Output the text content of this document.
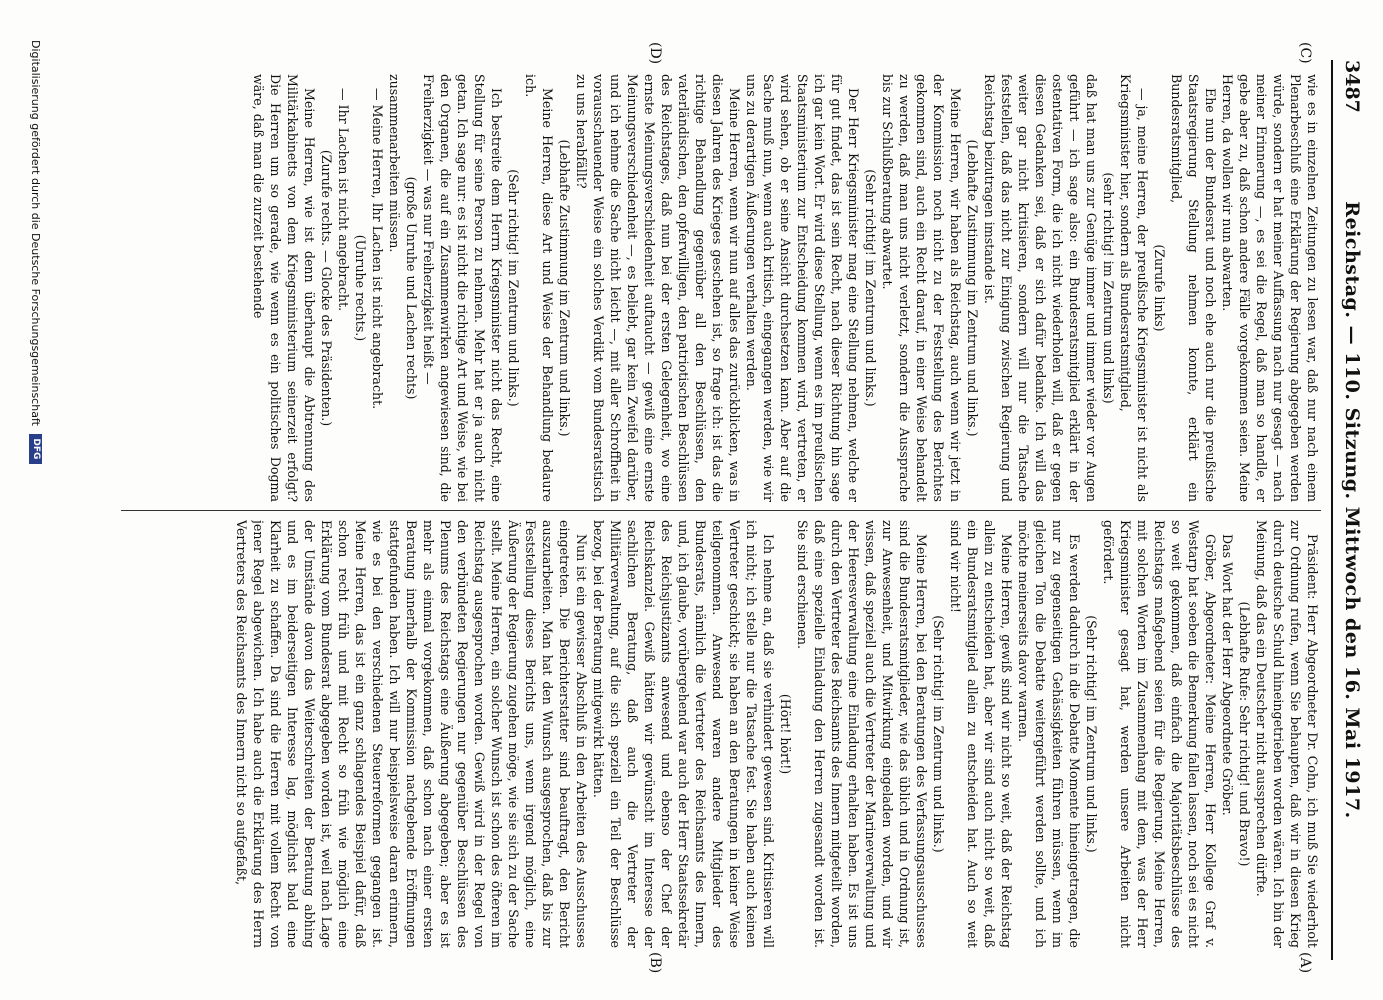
Reichstag. — 110. Sitzung. Mittwoch den 16. Mai 1917.
3487
(C)
(D)
(A)
(B)

wie es in einzelnen Zeitungen zu lesen war, daß nur nach einem Plenarbeschluß eine Erklärung der Regierung abgegeben werden würde, sondern er hat meiner Auffassung nach nur gesagt — nach meiner Erinnerung —, es sei die Regel, daß man so handle, er gebe aber zu, daß schon andere Fälle vorgekommen seien. Meine Herren, da wollen wir nun abwarten.

Ehe nun der Bundesrat und noch ehe auch nur die preußische Staatsregierung Stellung nehmen konnte, erklärt ein Bundesratsmitglied,

(Zurufe links)

— ja, meine Herren, der preußische Kriegsminister ist nicht als Kriegsminister hier, sondern als Bundesratsmitglied,

(sehr richtig! im Zentrum und links)

daß hat man uns zur Genüge immer und immer wieder vor Augen geführt — ich sage also: ein Bundesratsmitglied erklärt in der ostentativen Form, die ich nicht wiederholen will, daß er gegen diesen Gedanken sei, daß er sich dafür bedanke. Ich will das weiter gar nicht kritisieren, sondern will nur die Tatsache feststellen, daß das nicht zur Einigung zwischen Regierung und Reichstag beizutragen imstande ist.

(Lebhafte Zustimmung im Zentrum und links.)

Meine Herren, wir haben als Reichstag, auch wenn wir jetzt in der Kommission noch nicht zu der Feststellung des Berichtes gekommen sind, auch ein Recht darauf, in einer Weise behandelt zu werden, daß man uns nicht verletzt, sondern die Aussprache bis zur Schlußberatung abwartet.

(Sehr richtig! im Zentrum und links.)

Der Herr Kriegsminister mag eine Stellung nehmen, welche er für gut findet, das ist sein Recht, nach dieser Richtung hin sage ich gar kein Wort. Er wird diese Stellung, wenn es im preußischen Staatsministerium zur Entscheidung kommen wird, vertreten, er wird sehen, ob er seine Ansicht durchsetzen kann. Aber auf die Sache muß nun, wenn auch kritisch, eingegangen werden, wie wir uns zu derartigen Äußerungen verhalten werden.

Meine Herren, wenn wir nun auf alles das zurückblicken, was in diesen Jahren des Krieges geschehen ist, so frage ich: ist das die richtige Behandlung gegenüber all den Beschlüssen, den vaterländischen, den opferwilligen, den patriotischen Beschlüssen des Reichstages, daß nun bei der ersten Gelegenheit, wo eine ernste Meinungsverschiedenheit auftaucht — gewiß eine ernste Meinungsverschiedenheit —, es beliebt, gar kein Zweifel darüber, und ich nehme die Sache nicht leicht —, mit aller Schroffheit in vorausschauender Weise ein solches Verdikt vom Bundesratstisch zu uns herabfällt?

(Lebhafte Zustimmung im Zentrum und links.)

Meine Herren, diese Art und Weise der Behandlung bedaure ich.

(Sehr richtig! im Zentrum und links.)

Ich bestreite dem Herrn Kriegsminister nicht das Recht, eine Stellung für seine Person zu nehmen. Mehr hat er ja auch nicht getan. Ich sage nur: es ist nicht die richtige Art und Weise, wie bei den Organen, die auf ein Zusammenwirken angewiesen sind, die Freiherzigkeit — was nur Freiherzigkeit heißt —

(große Unruhe und Lachen rechts)

zusammenarbeiten müssen.

— Meine Herren, Ihr Lachen ist nicht angebracht.

(Unruhe rechts.)

— Ihr Lachen ist nicht angebracht.

(Zurufe rechts. — Glocke des Präsidenten.)

Meine Herren, wie ist denn überhaupt die Abtrennung des Militärkabinetts von dem Kriegsministerium seinerzeit erfolgt? Die Herren um so gerade, wie wenn es ein politisches Dogma wäre, daß man die zurzeit bestehende

Präsident: Herr Abgeordneter Dr. Cohn, ich muß Sie wiederholt zur Ordnung rufen, wenn Sie behaupten, daß wir in diesen Krieg durch deutsche Schuld hineingetrieben worden wären. Ich bin der Meinung, daß das ein Deutscher nicht aussprechen dürfte.

(Lebhafte Rufe: Sehr richtig! und Bravo!)

Das Wort hat der Herr Abgeordnete Gröber.

Gröber, Abgeordneter: Meine Herren, Herr Kollege Graf v. Westarp hat soeben die Bemerkung fallen lassen, noch sei es nicht so weit gekommen, daß einfach die Majoritätsbeschlüsse des Reichstags maßgebend seien für die Regierung. Meine Herren, mit solchen Worten im Zusammenhang mit dem, was der Herr Kriegsminister gesagt hat, werden unsere Arbeiten nicht gefördert.

(Sehr richtig! im Zentrum und links.)

Es werden dadurch in die Debatte Momente hineingetragen, die nur zu gegenseitigen Gehässigkeiten führen müssen, wenn im gleichen Ton die Debatte weitergeführt werden sollte, und ich möchte meinerseits davor warnen.

Meine Herren, gewiß sind wir nicht so weit, daß der Reichstag allein zu entscheiden hat, aber wir sind auch nicht so weit, daß ein Bundesratsmitglied allein zu entscheiden hat. Auch so weit sind wir nicht!

(Sehr richtig! im Zentrum und links.)

Meine Herren, bei den Beratungen des Verfassungsausschusses sind die Bundesratsmitglieder, wie das üblich und in Ordnung ist, zur Anwesenheit, und Mitwirkung eingeladen worden, und wir wissen, daß speziell auch die Vertreter der Marineverwaltung und der Heeresverwaltung eine Einladung erhalten haben. Es ist uns durch den Vertreter des Reichsamts des Innern mitgeteilt worden, daß eine spezielle Einladung den Herren zugesandt worden ist. Sie sind erschienen.

(Hört! hört!)

Ich nehme an, daß sie verhindert gewesen sind. Kritisieren will ich nicht; ich stelle nur die Tatsache fest. Sie haben auch keinen Vertreter geschickt; sie haben an den Beratungen in keiner Weise teilgenommen. Anwesend waren andere Mitglieder des Bundesrats, nämlich die Vertreter des Reichsamts des Innern, und, ich glaube, vorübergehend war auch der Herr Staatssekretär des Reichsjustizamts anwesend und ebenso der Chef der Reichskanzlei. Gewiß hätten wir gewünscht im Interesse der sachlichen Beratung, daß auch die Vertreter der Militärverwaltung, auf die sich speziell ein Teil der Beschlüsse bezog, bei der Beratung mitgewirkt hätten.

Nun ist ein gewisser Abschluß in den Arbeiten des Ausschusses eingetreten. Die Berichterstatter sind beauftragt, den Bericht auszuarbeiten. Man hat den Wunsch ausgesprochen, daß bis zur Feststellung dieses Berichts uns, wenn irgend möglich, eine Äußerung der Regierung zugehen möge, wie sie sich zu der Sache stellt. Meine Herren, ein solcher Wunsch ist schon des öfteren im Reichstag ausgesprochen worden. Gewiß wird in der Regel von den verbündeten Regierungen nur gegenüber Beschlüssen des Plenums des Reichstags eine Äußerung abgegeben; aber es ist mehr als einmal vorgekommen, daß schon nach einer ersten Beratung innerhalb der Kommission nachgebende Eröffnungen stattgefunden haben. Ich will nur beispielsweise daran erinnern, wie es bei den verschiedenen Steuerreformen gegangen ist. Meine Herren, das ist ein ganz schlagendes Beispiel dafür, daß schon recht früh und mit Recht so früh wie möglich eine Erklärung vom Bundesrat abgegeben worden ist, weil nach Lage der Umstände davon das Weiterschreiten der Beratung abhing und es im beiderseitigen Interesse lag, möglichst bald eine Klarheit zu schaffen. Da sind die Herren mit vollem Recht von jener Regel abgewichen. Ich habe auch die Erklärung des Herrn Vertreters des Reichsamts des Innern nicht so aufgefaßt,

Digitalisierung gefördert durch die Deutsche Forschungsgemeinschaft
DFG
